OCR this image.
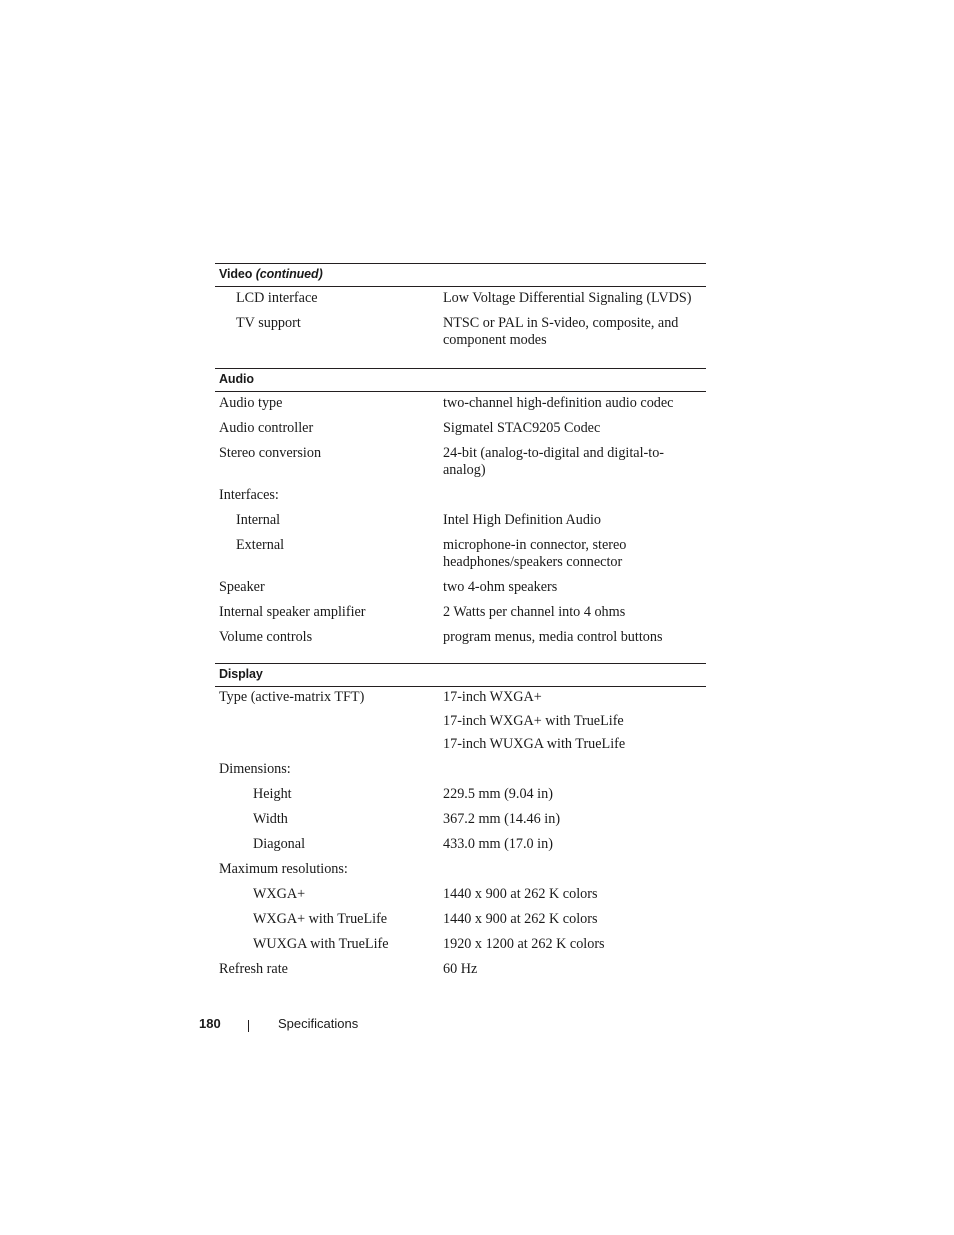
Video (continued)
LCD interface	Low Voltage Differential Signaling (LVDS)
TV support	NTSC or PAL in S-video, composite, and component modes
Audio
Audio type	two-channel high-definition audio codec
Audio controller	Sigmatel STAC9205 Codec
Stereo conversion	24-bit (analog-to-digital and digital-to-analog)
Interfaces:
Internal	Intel High Definition Audio
External	microphone-in connector, stereo headphones/speakers connector
Speaker	two 4-ohm speakers
Internal speaker amplifier	2 Watts per channel into 4 ohms
Volume controls	program menus, media control buttons
Display
Type (active-matrix TFT)	17-inch WXGA+
17-inch WXGA+ with TrueLife
17-inch WUXGA with TrueLife
Dimensions:
Height	229.5 mm (9.04 in)
Width	367.2 mm (14.46 in)
Diagonal	433.0 mm (17.0 in)
Maximum resolutions:
WXGA+	1440 x 900 at 262 K colors
WXGA+ with TrueLife	1440 x 900 at 262 K colors
WUXGA with TrueLife	1920 x 1200 at 262 K colors
Refresh rate	60 Hz
180	Specifications
